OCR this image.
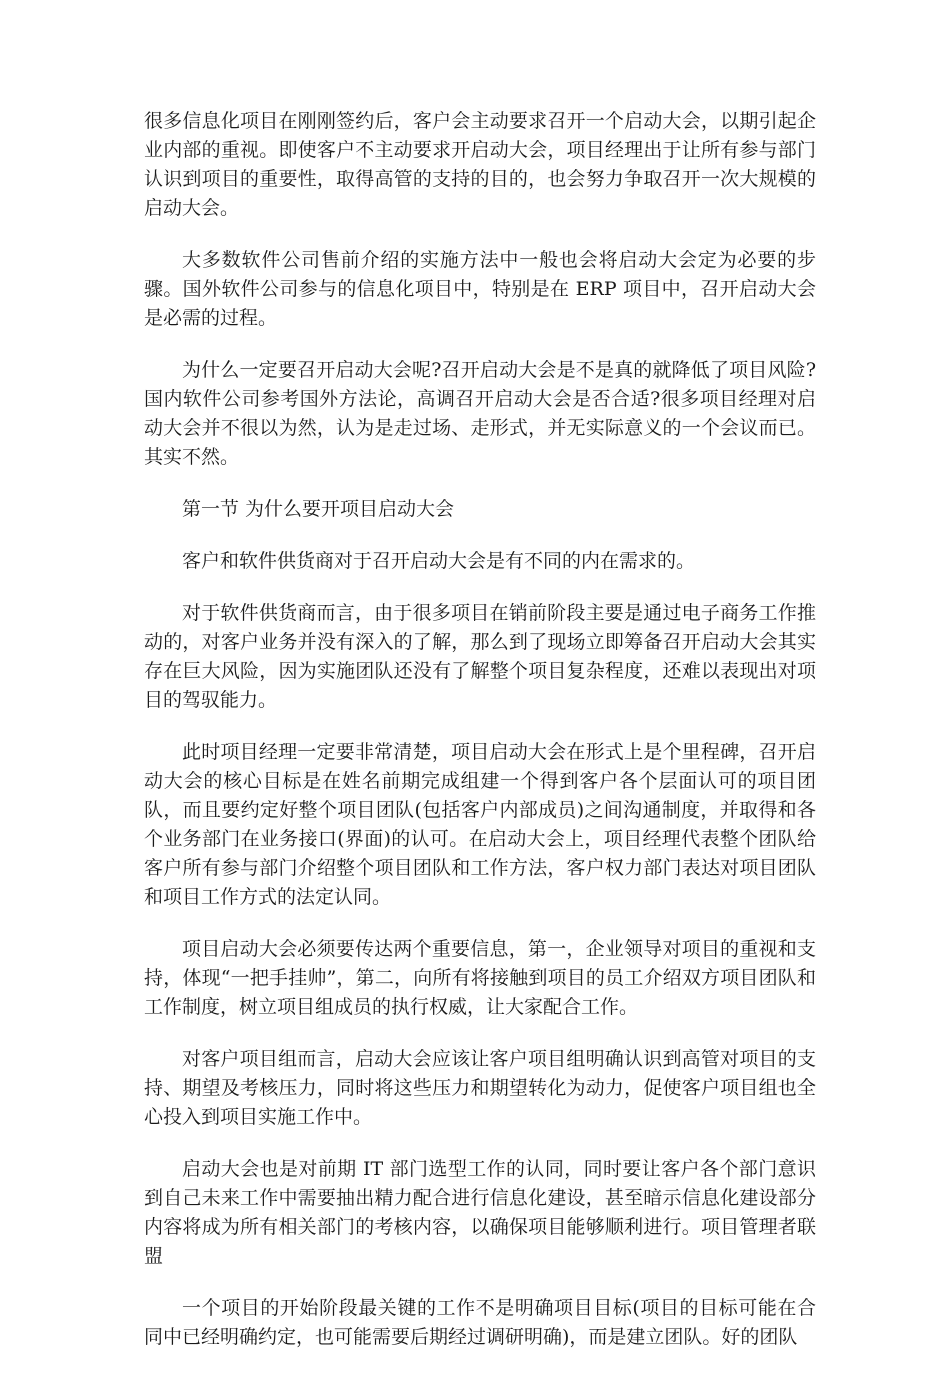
很多信息化项目在刚刚签约后，客户会主动要求召开一个启动大会，以期引起企业内部的重视。即使客户不主动要求开启动大会，项目经理出于让所有参与部门认识到项目的重要性，取得高管的支持的目的，也会努力争取召开一次大规模的启动大会。

大多数软件公司售前介绍的实施方法中一般也会将启动大会定为必要的步骤。国外软件公司参与的信息化项目中，特别是在 ERP 项目中，召开启动大会是必需的过程。

为什么一定要召开启动大会呢?召开启动大会是不是真的就降低了项目风险?国内软件公司参考国外方法论，高调召开启动大会是否合适?很多项目经理对启动大会并不很以为然，认为是走过场、走形式，并无实际意义的一个会议而已。其实不然。

第一节 为什么要开项目启动大会

客户和软件供货商对于召开启动大会是有不同的内在需求的。

对于软件供货商而言，由于很多项目在销前阶段主要是通过电子商务工作推动的，对客户业务并没有深入的了解，那么到了现场立即筹备召开启动大会其实存在巨大风险，因为实施团队还没有了解整个项目复杂程度，还难以表现出对项目的驾驭能力。

此时项目经理一定要非常清楚，项目启动大会在形式上是个里程碑，召开启动大会的核心目标是在姓名前期完成组建一个得到客户各个层面认可的项目团队，而且要约定好整个项目团队(包括客户内部成员)之间沟通制度，并取得和各个业务部门在业务接口(界面)的认可。在启动大会上，项目经理代表整个团队给客户所有参与部门介绍整个项目团队和工作方法，客户权力部门表达对项目团队和项目工作方式的法定认同。

项目启动大会必须要传达两个重要信息，第一，企业领导对项目的重视和支持，体现“一把手挂帅”，第二，向所有将接触到项目的员工介绍双方项目团队和工作制度，树立项目组成员的执行权威，让大家配合工作。

对客户项目组而言，启动大会应该让客户项目组明确认识到高管对项目的支持、期望及考核压力，同时将这些压力和期望转化为动力，促使客户项目组也全心投入到项目实施工作中。

启动大会也是对前期 IT 部门选型工作的认同，同时要让客户各个部门意识到自己未来工作中需要抽出精力配合进行信息化建设，甚至暗示信息化建设部分内容将成为所有相关部门的考核内容，以确保项目能够顺利进行。项目管理者联盟

一个项目的开始阶段最关键的工作不是明确项目目标(项目的目标可能在合同中已经明确约定，也可能需要后期经过调研明确)，而是建立团队。好的团队
